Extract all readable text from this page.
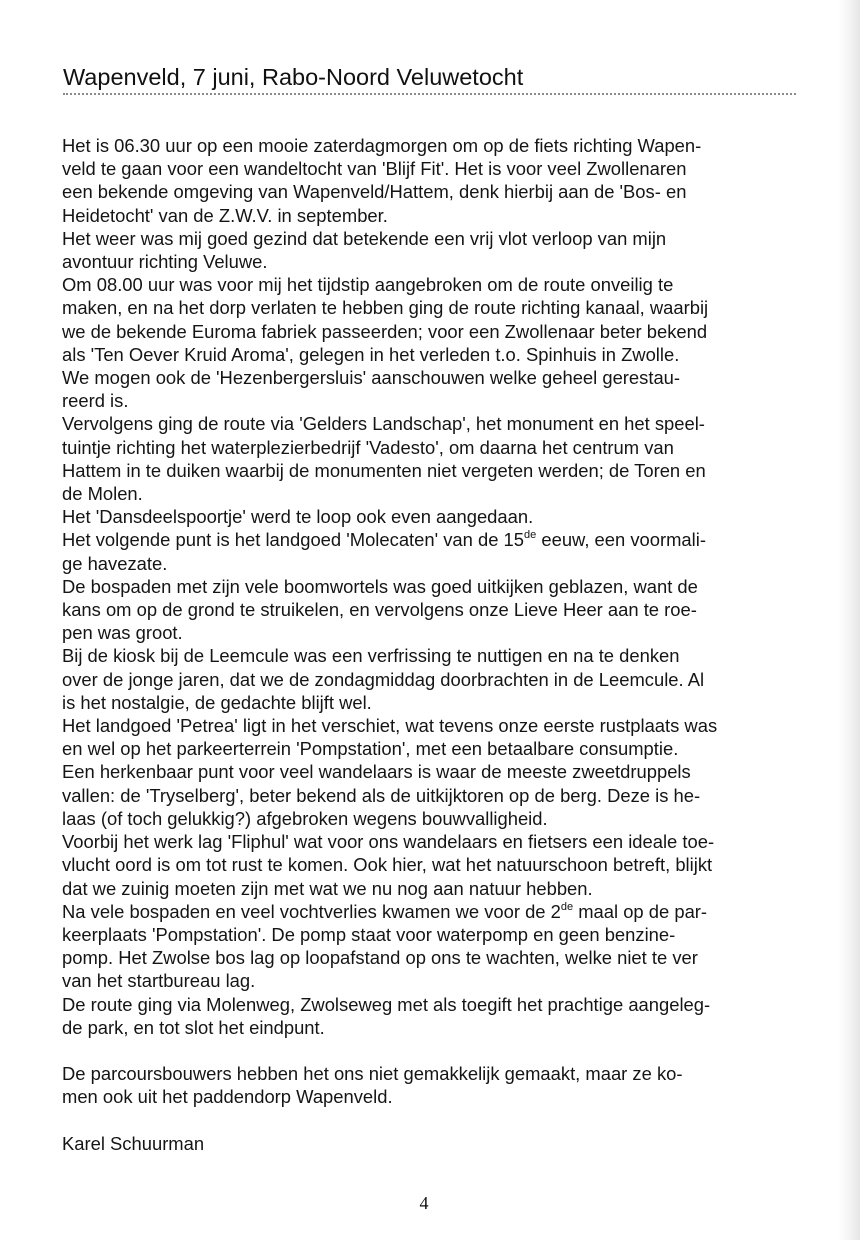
Wapenveld, 7 juni, Rabo-Noord Veluwetocht
Het is 06.30 uur op een mooie zaterdagmorgen om op de fiets richting Wapen-
veld te gaan voor een wandeltocht van 'Blijf Fit'. Het is voor veel Zwollenaren
een bekende omgeving van Wapenveld/Hattem, denk hierbij aan de 'Bos- en
Heidetocht' van de Z.W.V. in september.
Het weer was mij goed gezind dat betekende een vrij vlot verloop van mijn
avontuur richting Veluwe.
Om 08.00 uur was voor mij het tijdstip aangebroken om de route onveilig te
maken, en na het dorp verlaten te hebben ging de route richting kanaal, waarbij
we de bekende Euroma fabriek passeerden; voor een Zwollenaar beter bekend
als 'Ten Oever Kruid Aroma', gelegen in het verleden t.o. Spinhuis in Zwolle.
We mogen ook de 'Hezenbergersluis' aanschouwen welke geheel gerestau-
reerd is.
Vervolgens ging de route via 'Gelders Landschap', het monument en het speel-
tuintje richting het waterplezierbedrijf 'Vadesto', om daarna het centrum van
Hattem in te duiken waarbij de monumenten niet vergeten werden; de Toren en
de Molen.
Het 'Dansdeelspoortje' werd te loop ook even aangedaan.
Het volgende punt is het landgoed 'Molecaten' van de 15de eeuw, een voormali-
ge havezate.
De bospaden met zijn vele boomwortels was goed uitkijken geblazen, want de
kans om op de grond te struikelen, en vervolgens onze Lieve Heer aan te roe-
pen was groot.
Bij de kiosk bij de Leemcule was een verfrissing te nuttigen en na te denken
over de jonge jaren, dat we de zondagmiddag doorbrachten in de Leemcule. Al
is het nostalgie, de gedachte blijft wel.
Het landgoed 'Petrea' ligt in het verschiet, wat tevens onze eerste rustplaats was
en wel op het parkeerterrein 'Pompstation', met een betaalbare consumptie.
Een herkenbaar punt voor veel wandelaars is waar de meeste zweetdruppels
vallen: de 'Tryselberg', beter bekend als de uitkijktoren op de berg. Deze is he-
laas (of toch gelukkig?) afgebroken wegens bouwvalligheid.
Voorbij het werk lag 'Fliphul' wat voor ons wandelaars en fietsers een ideale toe-
vlucht oord is om tot rust te komen. Ook hier, wat het natuurschoon betreft, blijkt
dat we zuinig moeten zijn met wat we nu nog aan natuur hebben.
Na vele bospaden en veel vochtverlies kwamen we voor de 2de maal op de par-
keerplaats 'Pompstation'. De pomp staat voor waterpomp en geen benzine-
pomp. Het Zwolse bos lag op loopafstand op ons te wachten, welke niet te ver
van het startbureau lag.
De route ging via Molenweg, Zwolseweg met als toegift het prachtige aangeleg-
de park, en tot slot het eindpunt.
De parcoursbouwers hebben het ons niet gemakkelijk gemaakt, maar ze ko-
men ook uit het paddendorp Wapenveld.
Karel Schuurman
4
